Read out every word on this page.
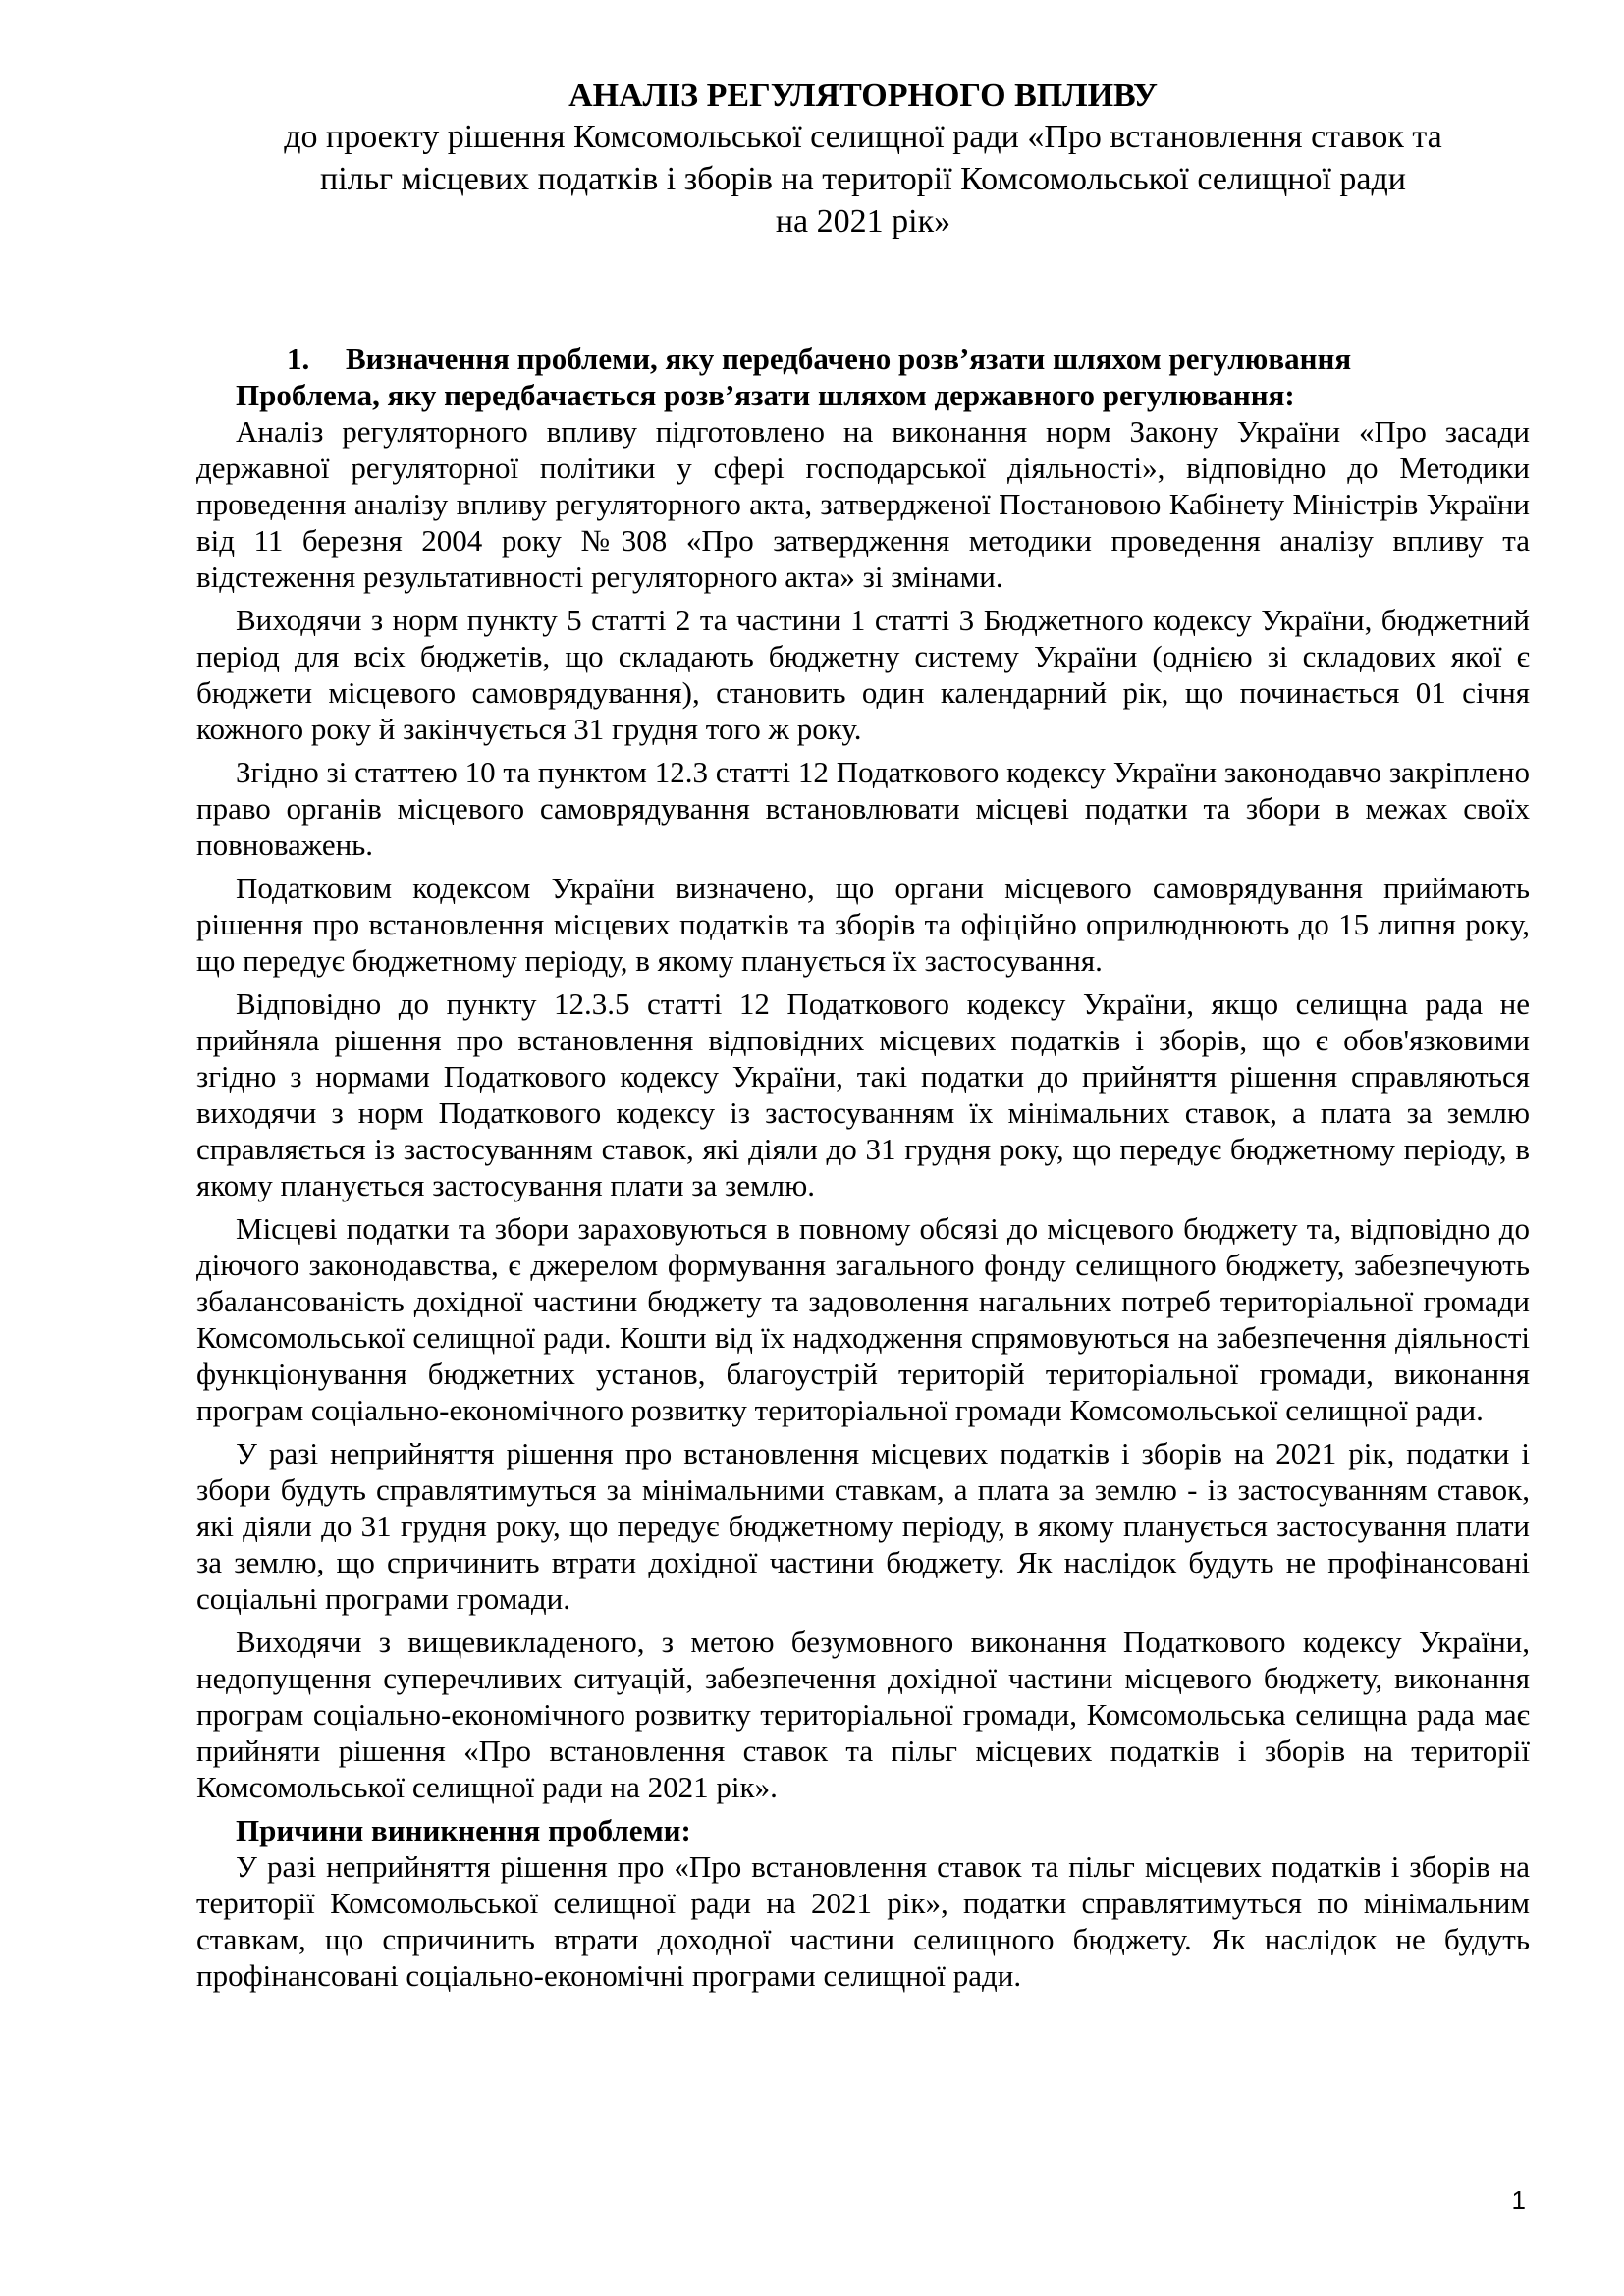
АНАЛІЗ РЕГУЛЯТОРНОГО ВПЛИВУ

до проекту рішення Комсомольської селищної ради «Про встановлення ставок та

пільг місцевих податків і зборів на території Комсомольської селищної ради

на 2021 рік»

1. Визначення проблеми, яку передбачено розв’язати шляхом регулювання

Проблема, яку передбачається розв’язати шляхом державного регулювання:

Аналіз регуляторного впливу підготовлено на виконання норм Закону України «Про засади державної регуляторної політики у сфері господарської діяльності», відповідно до Методики проведення аналізу впливу регуляторного акта, затвердженої Постановою Кабінету Міністрів України від 11 березня 2004 року №308 «Про затвердження методики проведення аналізу впливу та відстеження результативності регуляторного акта» зі змінами.

Виходячи з норм пункту 5 статті 2 та частини 1 статті 3 Бюджетного кодексу України, бюджетний період для всіх бюджетів, що складають бюджетну систему України (однією зі складових якої є бюджети місцевого самоврядування), становить один календарний рік, що починається 01 січня кожного року й закінчується 31 грудня того ж року.

Згідно зі статтею 10 та пунктом 12.3 статті 12 Податкового кодексу України законодавчо закріплено право органів місцевого самоврядування встановлювати місцеві податки та збори в межах своїх повноважень.

Податковим кодексом України визначено, що органи місцевого самоврядування приймають рішення про встановлення місцевих податків та зборів та офіційно оприлюднюють до 15 липня року, що передує бюджетному періоду, в якому планується їх застосування.

Відповідно до пункту 12.3.5 статті 12 Податкового кодексу України, якщо селищна рада не прийняла рішення про встановлення відповідних місцевих податків і зборів, що є обов'язковими згідно з нормами Податкового кодексу України, такі податки до прийняття рішення справляються виходячи з норм Податкового кодексу із застосуванням їх мінімальних ставок, а плата за землю справляється із застосуванням ставок, які діяли до 31 грудня року, що передує бюджетному періоду, в якому планується застосування плати за землю.

Місцеві податки та збори зараховуються в повному обсязі до місцевого бюджету та, відповідно до діючого законодавства, є джерелом формування загального фонду селищного бюджету, забезпечують збалансованість дохідної частини бюджету та задоволення нагальних потреб територіальної громади Комсомольської селищної ради. Кошти від їх надходження спрямовуються на забезпечення діяльності функціонування бюджетних установ, благоустрій територій територіальної громади, виконання програм соціально-економічного розвитку територіальної громади Комсомольської селищної ради.

У разі неприйняття рішення про встановлення місцевих податків і зборів на 2021 рік, податки і збори будуть справлятимуться за мінімальними ставкам, а плата за землю - із застосуванням ставок, які діяли до 31 грудня року, що передує бюджетному періоду, в якому планується застосування плати за землю, що спричинить втрати дохідної частини бюджету. Як наслідок будуть не профінансовані соціальні програми громади.

Виходячи з вищевикладеного, з метою безумовного виконання Податкового кодексу України, недопущення суперечливих ситуацій, забезпечення дохідної частини місцевого бюджету, виконання програм соціально-економічного розвитку територіальної громади, Комсомольська селищна рада має прийняти рішення «Про встановлення ставок та пільг місцевих податків і зборів на території Комсомольської селищної ради на 2021 рік».

Причини виникнення проблеми:

У разі неприйняття рішення про «Про встановлення ставок та пільг місцевих податків і зборів на території Комсомольської селищної ради на 2021 рік», податки справлятимуться по мінімальним ставкам, що спричинить втрати доходної частини селищного бюджету. Як наслідок не будуть профінансовані соціально-економічні програми селищної ради.

1
